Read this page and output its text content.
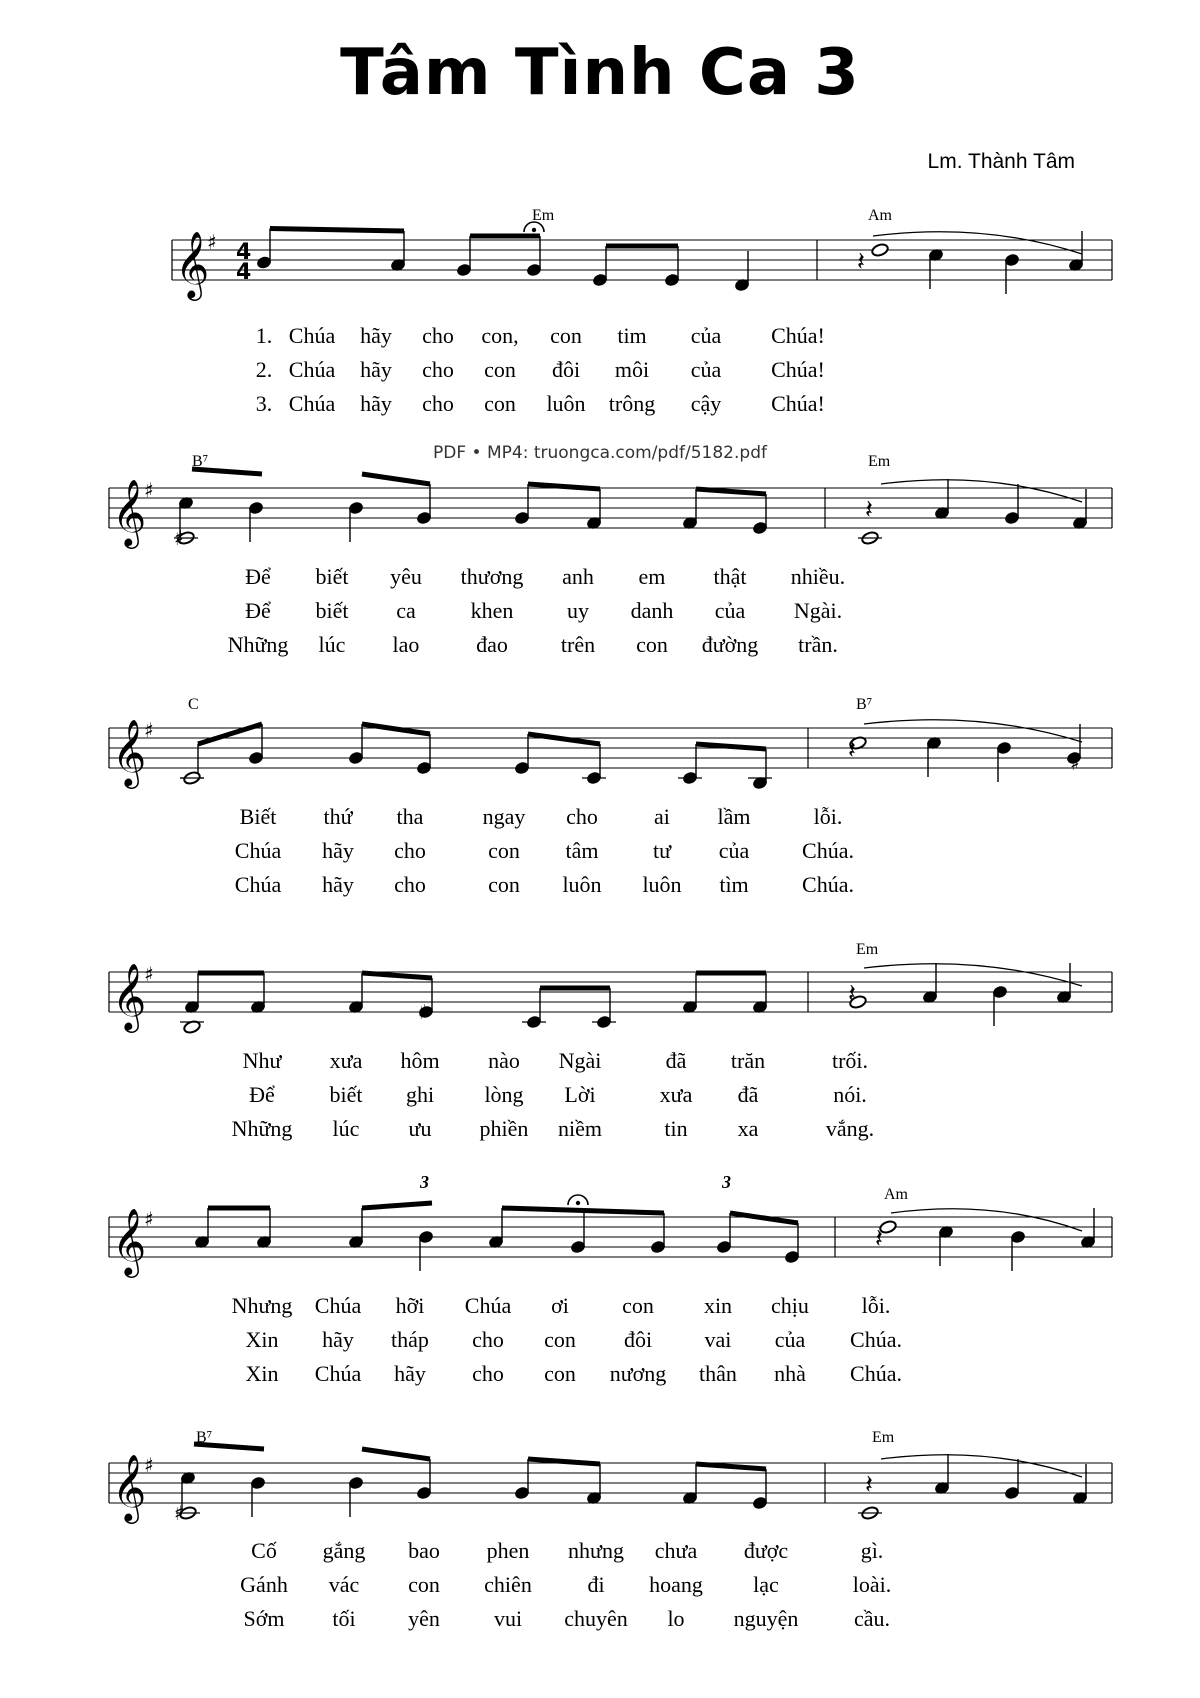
Tâm Tình Ca 3
Lm. Thành Tâm
PDF • MP4: truongca.com/pdf/5182.pdf
𝄞
♯ 4
4	𝄽
Em	Am
1. Chúa hãy cho con, con tim của Chúa!
2. Chúa hãy cho con đôi môi của Chúa!
3. Chúa hãy cho con luôn trông cậy Chúa!
𝄞
♯
𝄽
♯
B⁷	Em
Để biết yêu thương anh em thật nhiều.
Để biết ca khen uy danh của Ngài.
Những lúc lao	đao trên con đường trần.
𝄞
♯
𝄽	♯
C	B⁷
Biết thứ tha	ngay cho	ai lầm	lỗi.
Chúa hãy cho	con tâm tư của Chúa.
Chúa hãy cho	con luôn luôn tìm Chúa.
𝄞
♯
𝄽
♯
Em
Như xưa hôm nào Ngài	đã trăn	trối.
Để biết ghi lòng Lời	xưa đã	nói.
Những lúc ưu phiền niềm	tin xa	vắng.
𝄞
♯
𝄽
Am
3	3
Nhưng Chúa hỡi Chúa ơi con xin chịu lỗi.
Xin hãy tháp cho con đôi vai của Chúa.
Xin Chúa hãy cho con nương thân nhà Chúa.
𝄞
♯
𝄽
♯
B⁷	Em
Cố gắng bao phen nhưng chưa được	gì.
Gánh vác con chiên	đi hoang lạc	loài.
Sớm tối yên vui chuyên lo nguyện	cầu.
